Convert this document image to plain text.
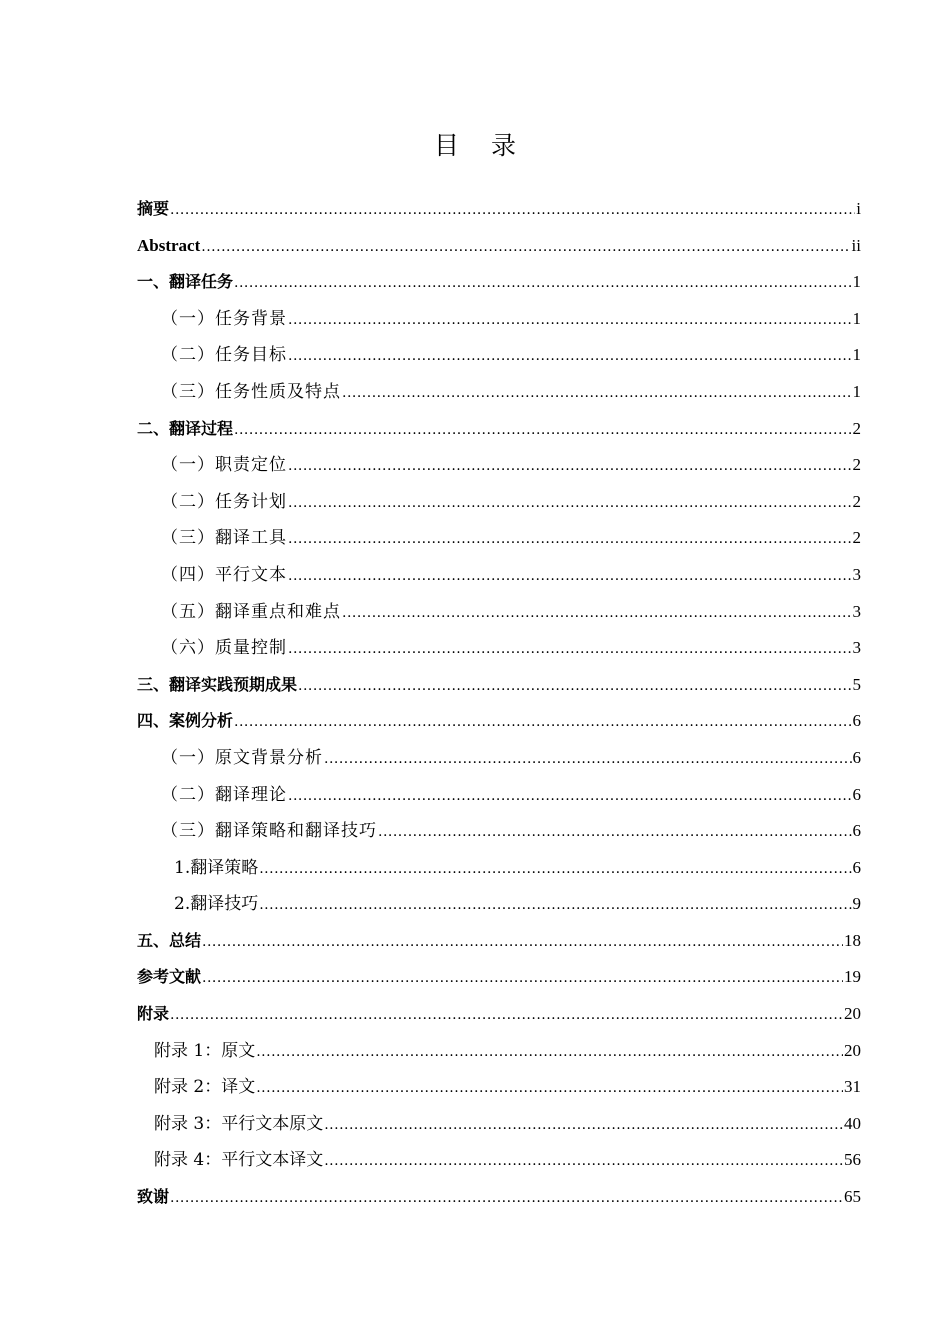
目 录
摘要 .....	i
Abstract .....	ii
一、翻译任务 .....	1
（一）任务背景 .....	1
（二）任务目标 .....	1
（三）任务性质及特点 .....	1
二、翻译过程 .....	2
（一）职责定位 .....	2
（二）任务计划 .....	2
（三）翻译工具 .....	2
（四）平行文本 .....	3
（五）翻译重点和难点 .....	3
（六）质量控制 .....	3
三、翻译实践预期成果 .....	5
四、案例分析 .....	6
（一）原文背景分析 .....	6
（二）翻译理论 .....	6
（三）翻译策略和翻译技巧 .....	6
1.翻译策略 .....	6
2.翻译技巧 .....	9
五、总结 .....	18
参考文献 .....	19
附录 .....	20
附录 1：原文 .....	20
附录 2：译文 .....	31
附录 3：平行文本原文 .....	40
附录 4：平行文本译文 .....	56
致谢 .....	65
